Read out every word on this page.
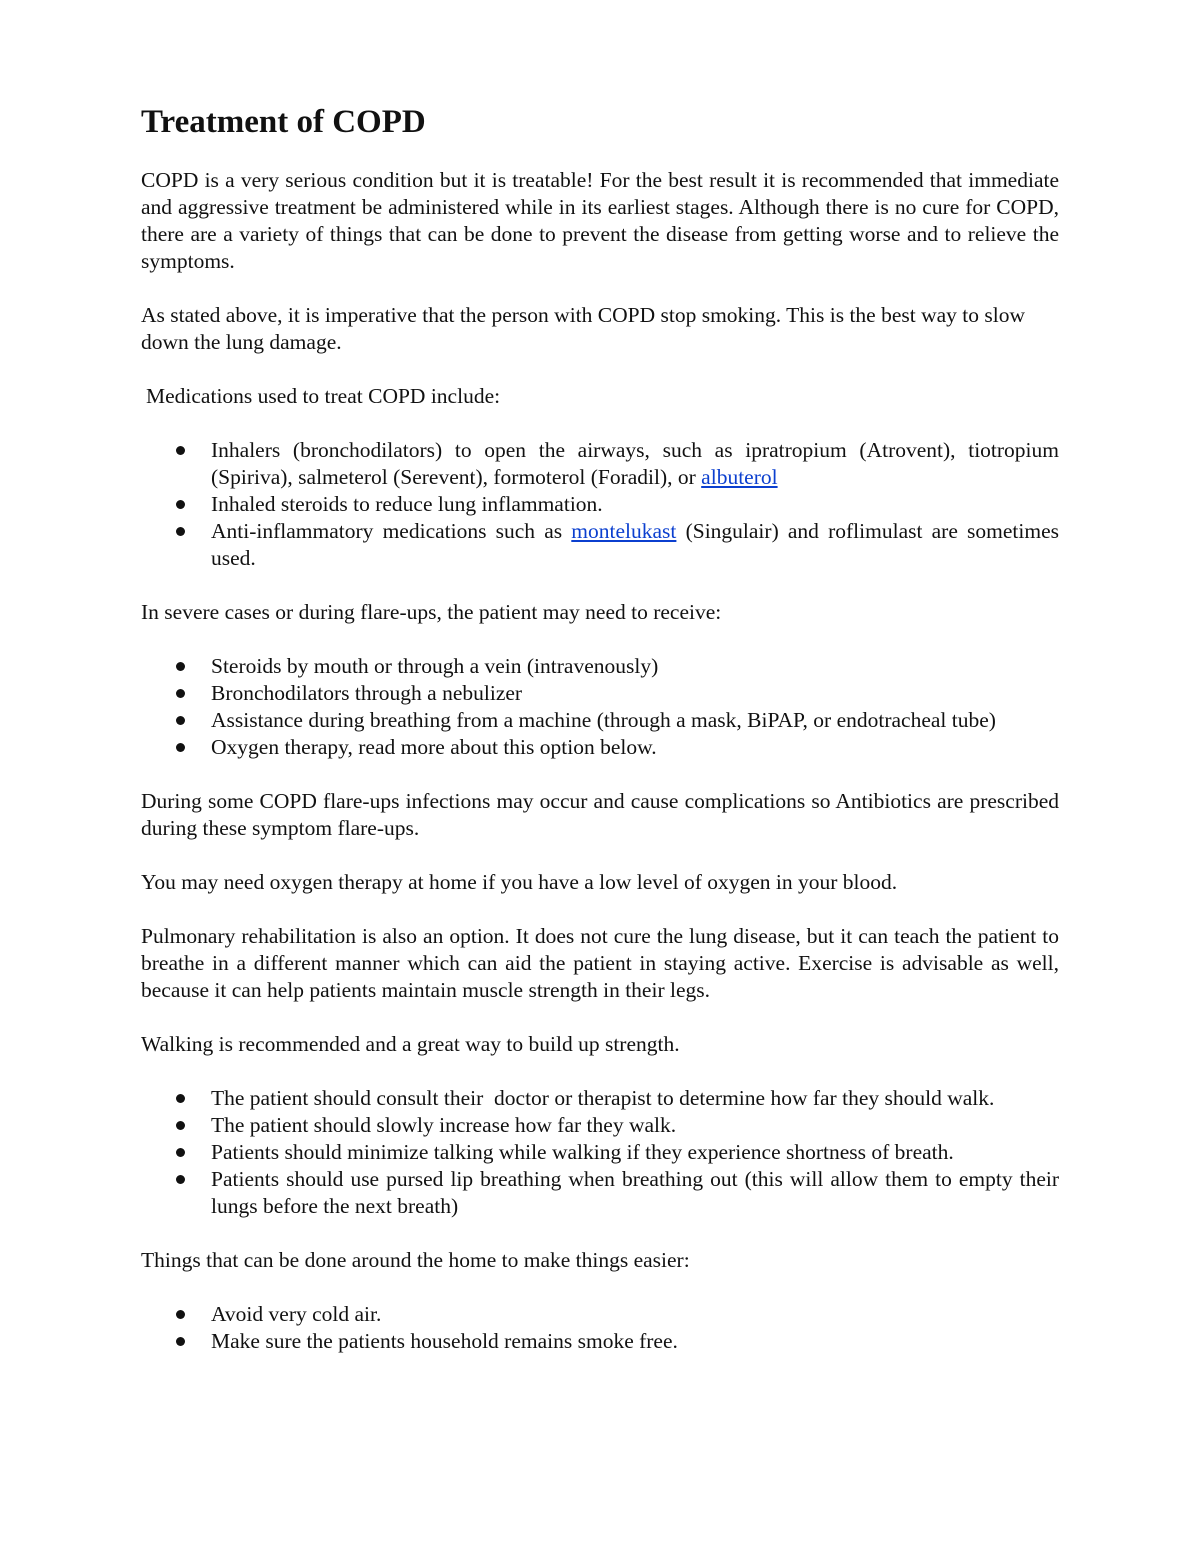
Treatment of COPD

COPD is a very serious condition but it is treatable! For the best result it is recommended that immediate and aggressive treatment be administered while in its earliest stages. Although there is no cure for COPD, there are a variety of things that can be done to prevent the disease from getting worse and to relieve the symptoms.

As stated above, it is imperative that the person with COPD stop smoking. This is the best way to slow down the lung damage.

Medications used to treat COPD include:

Inhalers (bronchodilators) to open the airways, such as ipratropium (Atrovent), tiotropium (Spiriva), salmeterol (Serevent), formoterol (Foradil), or albuterol
Inhaled steroids to reduce lung inflammation.
Anti-inflammatory medications such as montelukast (Singulair) and roflimulast are sometimes used.

In severe cases or during flare-ups, the patient may need to receive:

Steroids by mouth or through a vein (intravenously)
Bronchodilators through a nebulizer
Assistance during breathing from a machine (through a mask, BiPAP, or endotracheal tube)
Oxygen therapy, read more about this option below.

During some COPD flare-ups infections may occur and cause complications so Antibiotics are prescribed during these symptom flare-ups.

You may need oxygen therapy at home if you have a low level of oxygen in your blood.

Pulmonary rehabilitation is also an option. It does not cure the lung disease, but it can teach the patient to breathe in a different manner which can aid the patient in staying active. Exercise is advisable as well, because it can help patients maintain muscle strength in their legs.

Walking is recommended and a great way to build up strength.

The patient should consult their  doctor or therapist to determine how far they should walk.
The patient should slowly increase how far they walk.
Patients should minimize talking while walking if they experience shortness of breath.
Patients should use pursed lip breathing when breathing out (this will allow them to empty their lungs before the next breath)

Things that can be done around the home to make things easier:

Avoid very cold air.
Make sure the patients household remains smoke free.
